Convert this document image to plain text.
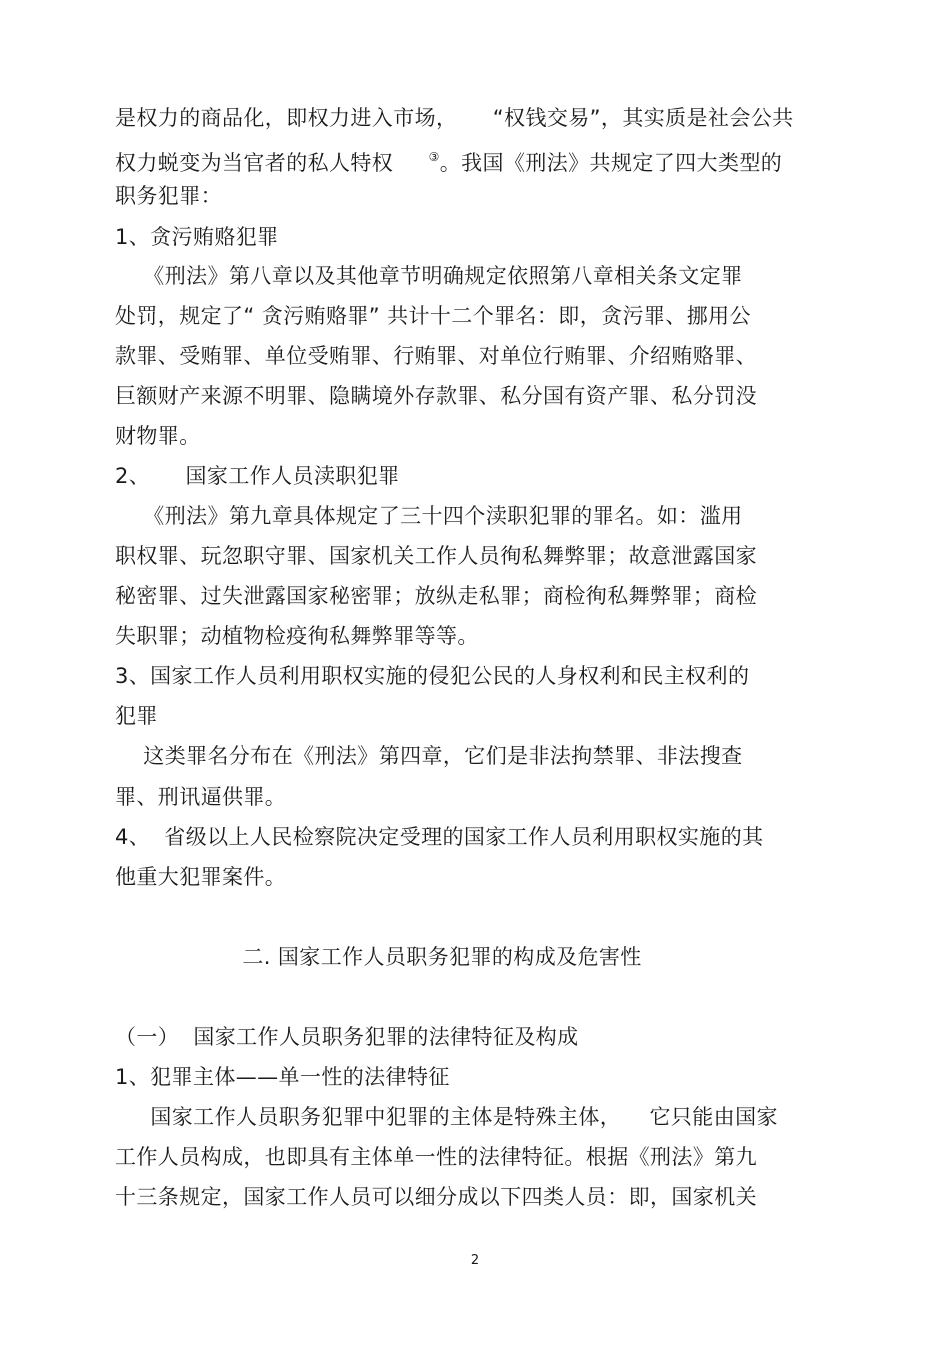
是权力的商品化，即权力进入市场，     “权钱交易”，其实质是社会公共
权力蜕变为当官者的私人特权     ③。我国《刑法》共规定了四大类型的
职务犯罪：
1、贪污贿赂犯罪
《刑法》第八章以及其他章节明确规定依照第八章相关条文定罪
处罚，规定了“ 贪污贿赂罪” 共计十二个罪名：即，贪污罪、挪用公
款罪、受贿罪、单位受贿罪、行贿罪、对单位行贿罪、介绍贿赂罪、
巨额财产来源不明罪、隐瞒境外存款罪、私分国有资产罪、私分罚没
财物罪。
2、     国家工作人员渎职犯罪
《刑法》第九章具体规定了三十四个渎职犯罪的罪名。如：滥用
职权罪、玩忽职守罪、国家机关工作人员徇私舞弊罪；故意泄露国家
秘密罪、过失泄露国家秘密罪；放纵走私罪；商检徇私舞弊罪；商检
失职罪；动植物检疫徇私舞弊罪等等。
3、国家工作人员利用职权实施的侵犯公民的人身权利和民主权利的
犯罪
这类罪名分布在《刑法》第四章，它们是非法拘禁罪、非法搜查
罪、刑讯逼供罪。
4、  省级以上人民检察院决定受理的国家工作人员利用职权实施的其
他重大犯罪案件。
二. 国家工作人员职务犯罪的构成及危害性
（一）  国家工作人员职务犯罪的法律特征及构成
1、犯罪主体——单一性的法律特征
国家工作人员职务犯罪中犯罪的主体是特殊主体，    它只能由国家
工作人员构成，也即具有主体单一性的法律特征。根据《刑法》第九
十三条规定，国家工作人员可以细分成以下四类人员：即，国家机关
2
